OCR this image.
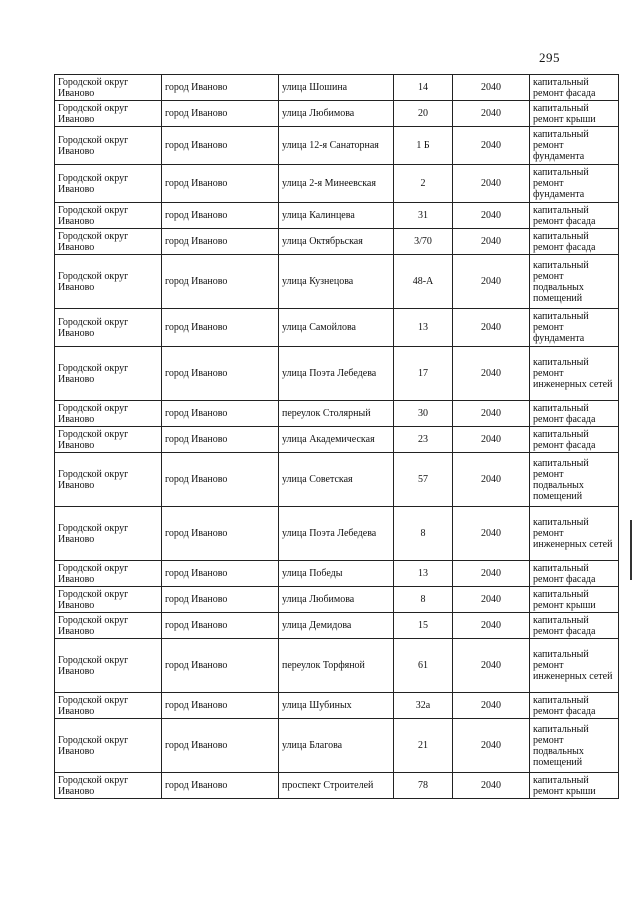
295
Городской округ Иваново	город Иваново	улица Шошина	14	2040	капитальный ремонт фасада
Городской округ Иваново	город Иваново	улица Любимова	20	2040	капитальный ремонт крыши
Городской округ Иваново	город Иваново	улица 12-я Санаторная	1 Б	2040	капитальный ремонт фундамента
Городской округ Иваново	город Иваново	улица 2-я Минеевская	2	2040	капитальный ремонт фундамента
Городской округ Иваново	город Иваново	улица Калинцева	31	2040	капитальный ремонт фасада
Городской округ Иваново	город Иваново	улица Октябрьская	3/70	2040	капитальный ремонт фасада
Городской округ Иваново	город Иваново	улица Кузнецова	48-А	2040	капитальный ремонт подвальных помещений
Городской округ Иваново	город Иваново	улица Самойлова	13	2040	капитальный ремонт фундамента
Городской округ Иваново	город Иваново	улица Поэта Лебедева	17	2040	капитальный ремонт инженерных сетей
Городской округ Иваново	город Иваново	переулок Столярный	30	2040	капитальный ремонт фасада
Городской округ Иваново	город Иваново	улица Академическая	23	2040	капитальный ремонт фасада
Городской округ Иваново	город Иваново	улица Советская	57	2040	капитальный ремонт подвальных помещений
Городской округ Иваново	город Иваново	улица Поэта Лебедева	8	2040	капитальный ремонт инженерных сетей
Городской округ Иваново	город Иваново	улица Победы	13	2040	капитальный ремонт фасада
Городской округ Иваново	город Иваново	улица Любимова	8	2040	капитальный ремонт крыши
Городской округ Иваново	город Иваново	улица Демидова	15	2040	капитальный ремонт фасада
Городской округ Иваново	город Иваново	переулок Торфяной	61	2040	капитальный ремонт инженерных сетей
Городской округ Иваново	город Иваново	улица Шубиных	32а	2040	капитальный ремонт фасада
Городской округ Иваново	город Иваново	улица Благова	21	2040	капитальный ремонт подвальных помещений
Городской округ Иваново	город Иваново	проспект Строителей	78	2040	капитальный ремонт крыши
